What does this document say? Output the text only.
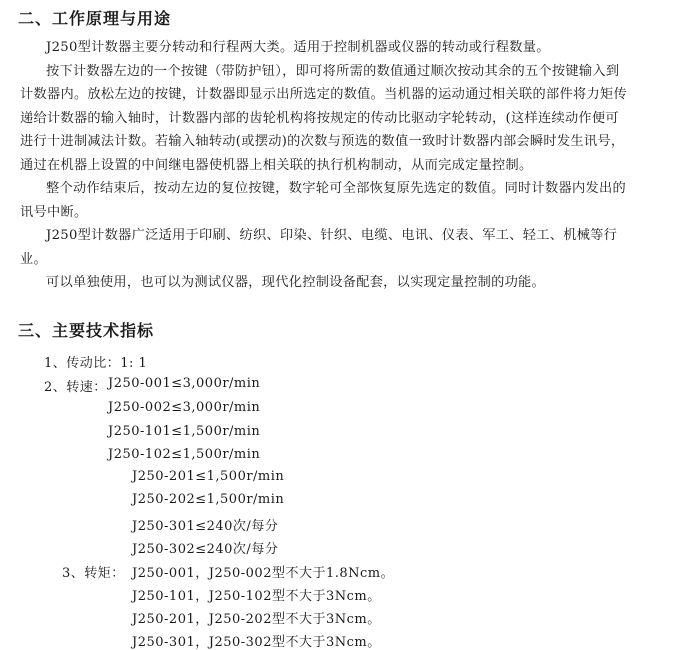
二、工作原理与用途

J250型计数器主要分转动和行程两大类。适用于控制机器或仪器的转动或行程数量。

按下计数器左边的一个按键（带防护钮），即可将所需的数值通过顺次按动其余的五个按键输入到计数器内。放松左边的按键，计数器即显示出所选定的数值。当机器的运动通过相关联的部件将力矩传递给计数器的输入轴时，计数器内部的齿轮机构将按规定的传动比驱动字轮转动，(这样连续动作便可进行十进制减法计数。若输入轴转动(或摆动)的次数与预选的数值一致时计数器内部会瞬时发生讯号，通过在机器上设置的中间继电器使机器上相关联的执行机构制动，从而完成定量控制。

整个动作结束后，按动左边的复位按键，数字轮可全部恢复原先选定的数值。同时计数器内发出的讯号中断。

J250型计数器广泛适用于印刷、纺织、印染、针织、电缆、电讯、仪表、军工、轻工、机械等行业。

可以单独使用，也可以为测试仪器，现代化控制设备配套，以实现定量控制的功能。

三、主要技术指标
1、传动比：1: 1
2、转速： J250-001≤3,000r/min
J250-002≤3,000r/min
J250-101≤1,500r/min
J250-102≤1,500r/min
J250-201≤1,500r/min
J250-202≤1,500r/min
J250-301≤240次/每分
J250-302≤240次/每分
3、转矩： J250-001，J250-002型不大于1.8Ncm。
J250-101，J250-102型不大于3Ncm。
J250-201，J250-202型不大于3Ncm。
J250-301，J250-302型不大于3Ncm。
